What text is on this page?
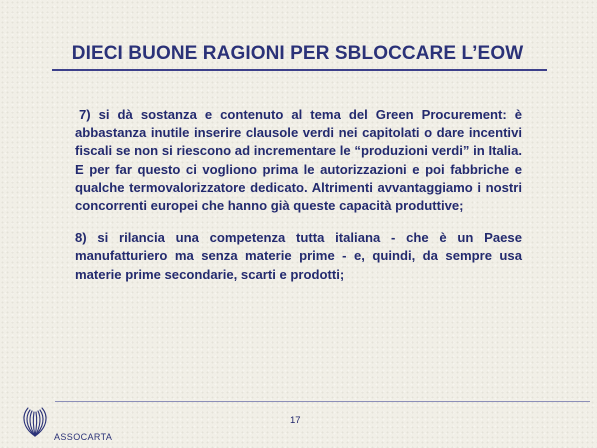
DIECI BUONE RAGIONI PER SBLOCCARE L’EOW

7) si dà sostanza e contenuto al tema del Green Procurement: è abbastanza inutile inserire clausole verdi nei capitolati o dare incentivi fiscali se non si riescono ad incrementare le “produzioni verdi” in Italia. E per far questo ci vogliono prima le autorizzazioni e poi fabbriche e qualche termovalorizzatore dedicato. Altrimenti avvantaggiamo i nostri concorrenti europei che hanno già queste capacità produttive;

8) si rilancia una competenza tutta italiana - che è un Paese manufatturiero ma senza materie prime - e, quindi, da sempre usa materie prime secondarie, scarti e prodotti;

17
ASSOCARTA
